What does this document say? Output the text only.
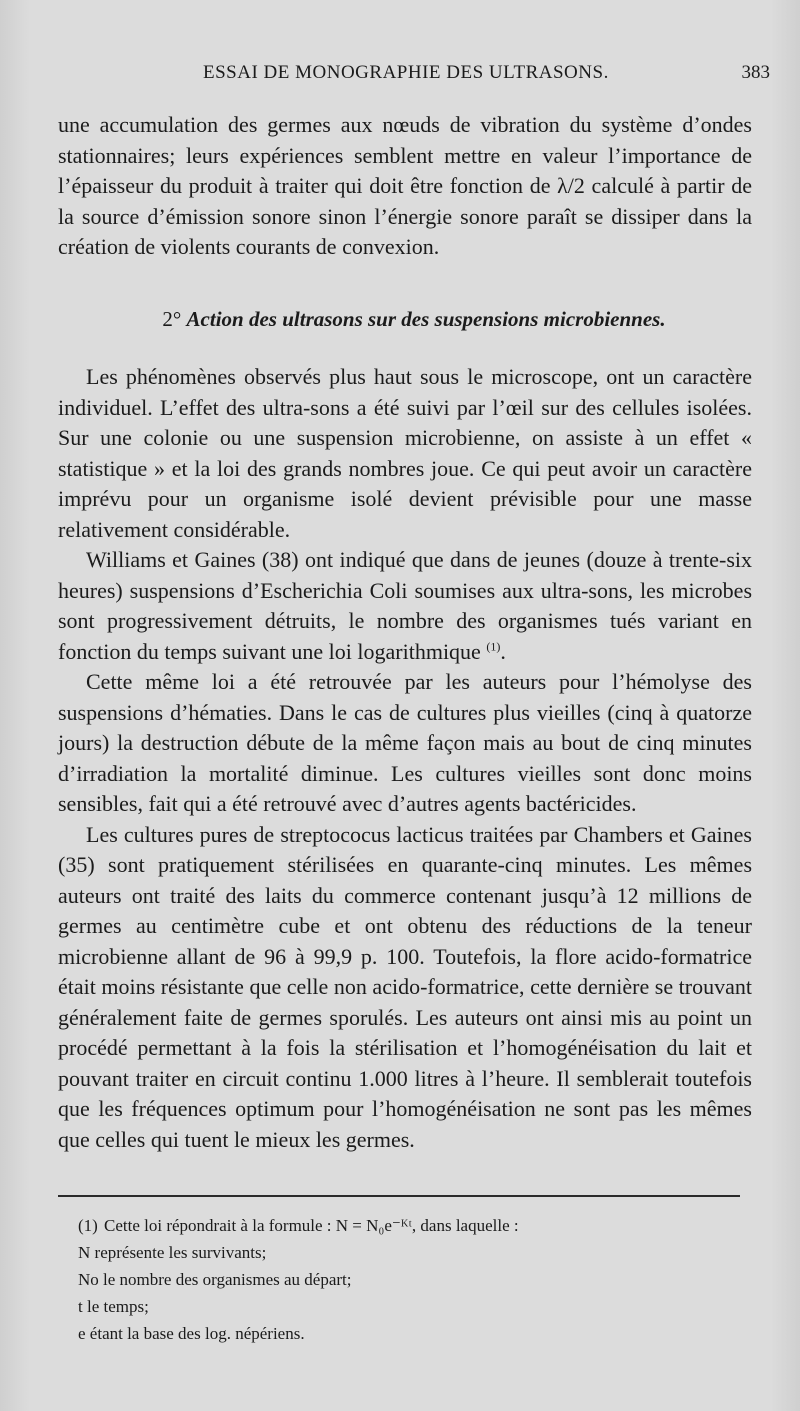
ESSAI DE MONOGRAPHIE DES ULTRASONS.	383
une accumulation des germes aux nœuds de vibration du système d’ondes stationnaires; leurs expériences semblent mettre en valeur l’importance de l’épaisseur du produit à traiter qui doit être fonction de λ/2 calculé à partir de la source d’émission sonore sinon l’énergie sonore paraît se dissiper dans la création de violents courants de convexion.
2° Action des ultrasons sur des suspensions microbiennes.

Les phénomènes observés plus haut sous le microscope, ont un caractère individuel. L’effet des ultra-sons a été suivi par l’œil sur des cellules isolées. Sur une colonie ou une suspension microbienne, on assiste à un effet « statistique » et la loi des grands nombres joue. Ce qui peut avoir un caractère imprévu pour un organisme isolé devient prévisible pour une masse relativement considérable.

Williams et Gaines (38) ont indiqué que dans de jeunes (douze à trente-six heures) suspensions d’Escherichia Coli soumises aux ultra-sons, les microbes sont progressivement détruits, le nombre des organismes tués variant en fonction du temps suivant une loi logarithmique $^{(1)}$.

Cette même loi a été retrouvée par les auteurs pour l’hémolyse des suspensions d’hématies. Dans le cas de cultures plus vieilles (cinq à quatorze jours) la destruction débute de la même façon mais au bout de cinq minutes d’irradiation la mortalité diminue. Les cultures vieilles sont donc moins sensibles, fait qui a été retrouvé avec d’autres agents bactéricides.

Les cultures pures de streptococus lacticus traitées par Chambers et Gaines (35) sont pratiquement stérilisées en quarante-cinq minutes. Les mêmes auteurs ont traité des laits du commerce contenant jusqu’à 12 millions de germes au centimètre cube et ont obtenu des réductions de la teneur microbienne allant de 96 à 99,9 p. 100. Toutefois, la flore acido-formatrice était moins résistante que celle non acido-formatrice, cette dernière se trouvant généralement faite de germes sporulés. Les auteurs ont ainsi mis au point un procédé permettant à la fois la stérilisation et l’homogénéisation du lait et pouvant traiter en circuit continu 1.000 litres à l’heure. Il semblerait toutefois que les fréquences optimum pour l’homogénéisation ne sont pas les mêmes que celles qui tuent le mieux les germes.

(1) Cette loi répondrait à la formule : N = N₀e⁻ᴷᵗ, dans laquelle :
N représente les survivants;
No le nombre des organismes au départ;
t le temps;
e étant la base des log. népériens.
